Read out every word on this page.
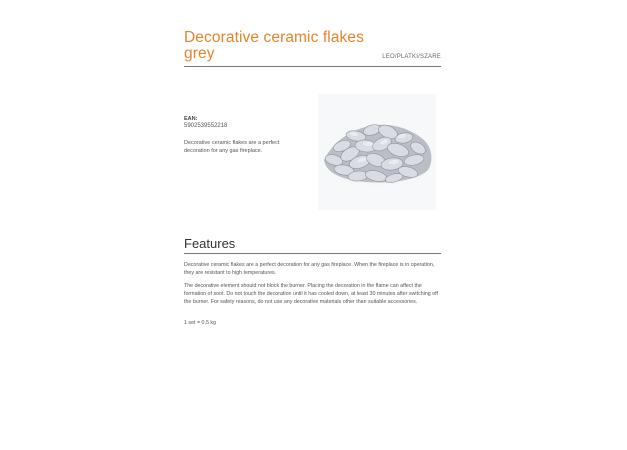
Decorative ceramic flakes grey	LEO/PLATKI/SZARE
EAN:
5902539552218
Decorative ceramic flakes are a perfect decoration for any gas fireplace.
Features

Decorative ceramic flakes are a perfect decoration for any gas fireplace. When the fireplace is in operation, they are resistant to high temperatures.

The decorative element should not block the burner. Placing the decoration in the flame can affect the formation of soot. Do not touch the decoration until it has cooled down, at least 30 minutes after switching off the burner. For safety reasons, do not use any decorative materials other than suitable accessories.

1 set = 0,5 kg
